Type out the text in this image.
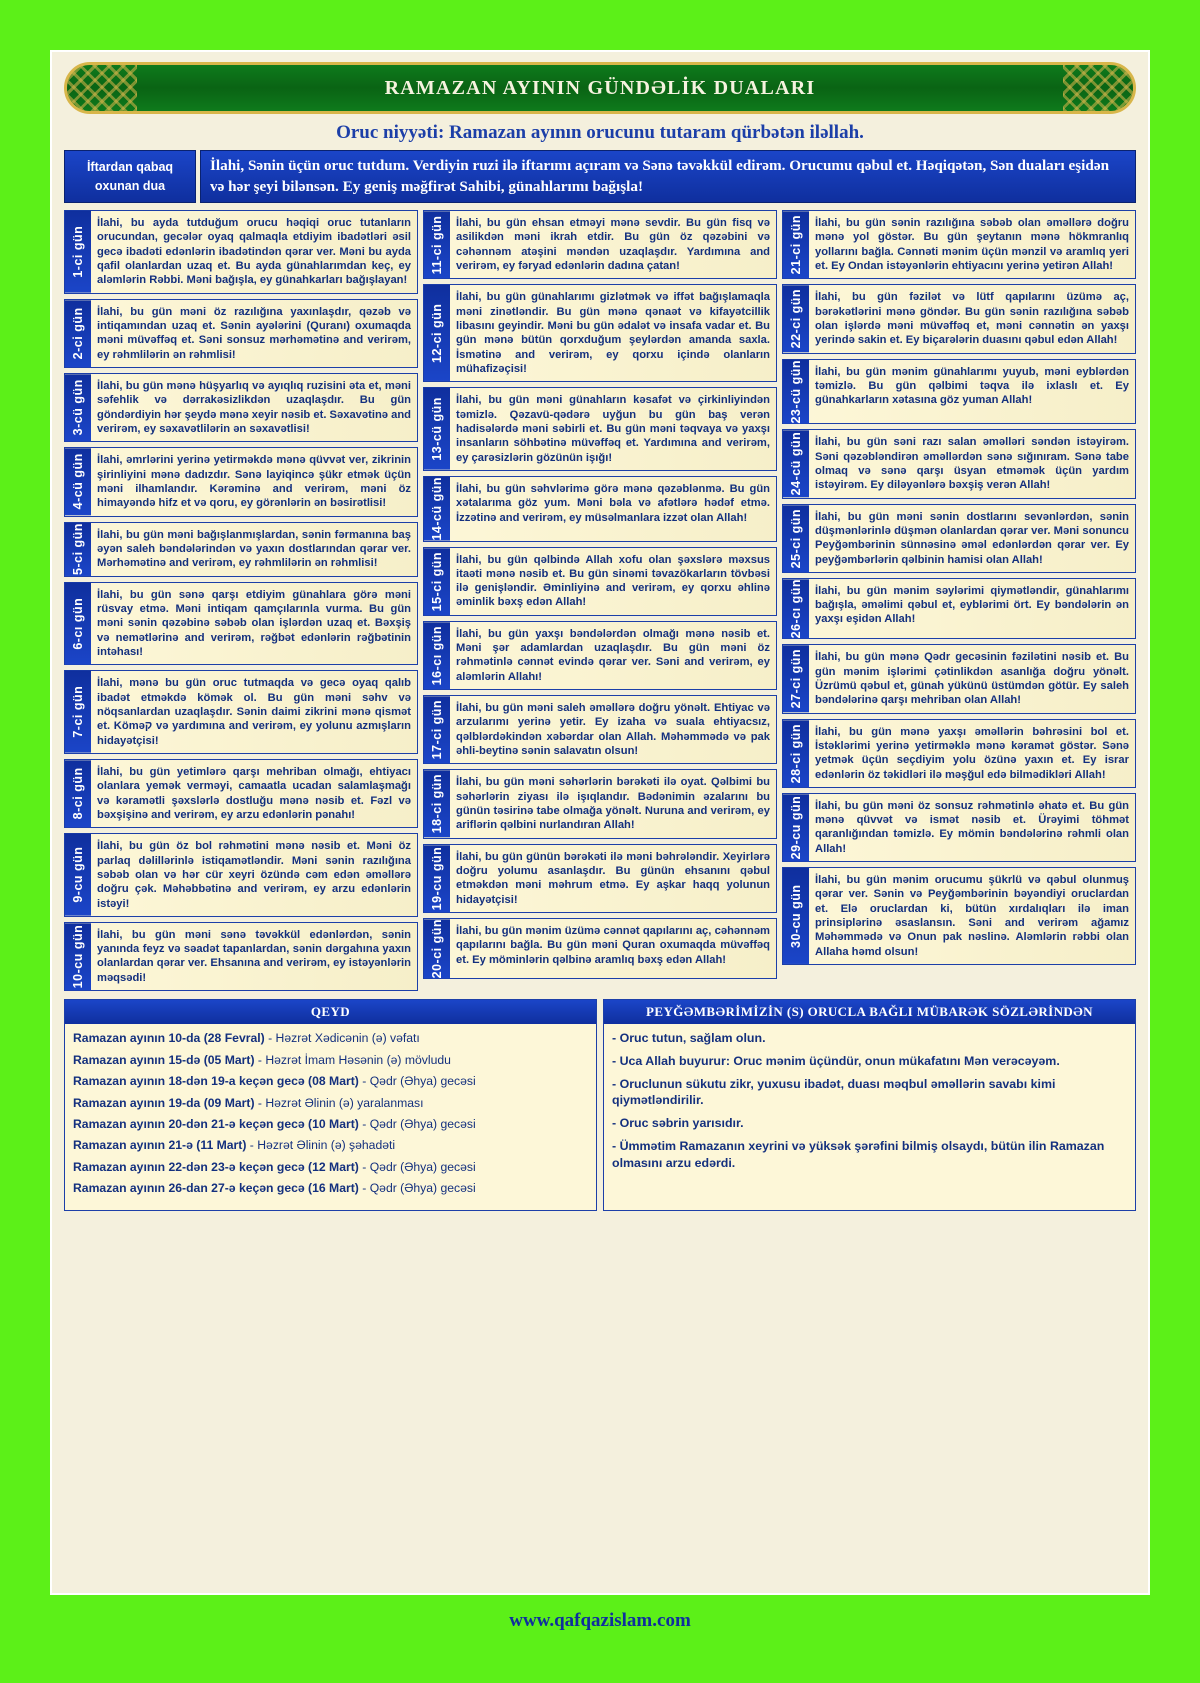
RAMAZAN AYININ GÜNDƏLİK DUALARI
Oruc niyyəti: Ramazan ayının orucunu tutaram qürbətən iləllah.
İftardan qabaq
oxunan dua
İlahi, Sənin üçün oruc tutdum. Verdiyin ruzi ilə iftarımı açıram və Sənə təvəkkül edirəm. Orucumu qəbul et. Həqiqətən, Sən duaları eşidən və hər şeyi bilənsən. Ey geniş məğfirət Sahibi, günahlarımı bağışla!
1-ci gün
İlahi, bu ayda tutduğum orucu həqiqi oruc tutanların orucundan, gecələr oyaq qalmaqla etdiyim ibadətləri əsil gecə ibadəti edənlərin ibadətindən qərar ver. Məni bu ayda qafil olanlardan uzaq et. Bu ayda günahlarımdan keç, ey aləmlərin Rəbbi. Məni bağışla, ey günahkarları bağışlayan!
2-ci gün	İlahi, bu gün məni öz razılığına yaxınlaşdır, qəzəb və intiqamından uzaq et. Sənin ayələrini (Quranı) oxumaqda məni müvəffəq et. Səni sonsuz mərhəmətinə and verirəm, ey rəhmlilərin ən rəhmlisi!
3-cü gün	İlahi, bu gün mənə hüşyarlıq və ayıqlıq ruzisini əta et, məni səfehlik və dərrakəsizlikdən uzaqlaşdır. Bu gün göndərdiyin hər şeydə mənə xeyir nəsib et. Səxavətinə and verirəm, ey səxavətlilərin ən səxavətlisi!
4-cü gün	İlahi, əmrlərini yerinə yetirməkdə mənə qüvvət ver, zikrinin şirinliyini mənə dadızdır. Sənə layiqincə şükr etmək üçün məni ilhamlandır. Kərəminə and verirəm, məni öz himayəndə hifz et və qoru, ey görənlərin ən bəsirətlisi!
5-ci gün	İlahi, bu gün məni bağışlanmışlardan, sənin fərmanına baş əyən saleh bəndələrindən və yaxın dostlarından qərar ver. Mərhəmətinə and verirəm, ey rəhmlilərin ən rəhmlisi!
6-cı gün
İlahi, bu gün sənə qarşı etdiyim günahlara görə məni rüsvay etmə. Məni intiqam qamçılarınla vurma. Bu gün məni sənin qəzəbinə səbəb olan işlərdən uzaq et. Bəxşiş və nemətlərinə and verirəm, rəğbət edənlərin rəğbətinin intəhası!
7-ci gün
İlahi, mənə bu gün oruc tutmaqda və gecə oyaq qalıb ibadət etməkdə kömək ol. Bu gün məni səhv və nöqsanlardan uzaqlaşdır. Sənin daimi zikrini mənə qismət et. Köməק və yardımına and verirəm, ey yolunu azmışların hidayətçisi!
8-ci gün	İlahi, bu gün yetimlərə qarşı mehriban olmağı, ehtiyacı olanlara yemək verməyi, camaatla ucadan salamlaşmağı və kəramətli şəxslərlə dostluğu mənə nəsib et. Fəzl və bəxşişinə and verirəm, ey arzu edənlərin pənahı!
9-cu gün
İlahi, bu gün öz bol rəhmətini mənə nəsib et. Məni öz parlaq dəlillərinlə istiqamətləndir. Məni sənin razılığına səbəb olan və hər cür xeyri özündə cəm edən əməllərə doğru çək. Məhəbbətinə and verirəm, ey arzu edənlərin istəyi!
10-cu gün	İlahi, bu gün məni sənə təvəkkül edənlərdən, sənin yanında feyz və səadət tapanlardan, sənin dərgahına yaxın olanlardan qərar ver. Ehsanına and verirəm, ey istəyənlərin məqsədi!
11-ci gün	İlahi, bu gün ehsan etməyi mənə sevdir. Bu gün fisq və asilikdən məni ikrah etdir. Bu gün öz qəzəbini və cəhənnəm atəşini məndən uzaqlaşdır. Yardımına and verirəm, ey fəryad edənlərin dadına çatan!
12-ci gün
İlahi, bu gün günahlarımı gizlətmək və iffət bağışlamaqla məni zinətləndir. Bu gün mənə qənaət və kifayətcillik libasını geyindir. Məni bu gün ədalət və insafa vadar et. Bu gün mənə bütün qorxduğum şeylərdən amanda saxla. İsmətinə and verirəm, ey qorxu içində olanların mühafizəçisi!
13-cü gün	İlahi, bu gün məni günahların kəsafət və çirkinliyindən təmizlə. Qəzavü-qədərə uyğun bu gün baş verən hadisələrdə məni səbirli et. Bu gün məni təqvaya və yaxşı insanların söhbətinə müvəffəq et. Yardımına and verirəm, ey çarəsizlərin gözünün işığı!
14-cü gün	İlahi, bu gün səhvlərimə görə mənə qəzəblənmə. Bu gün xətalarıma göz yum. Məni bəla və afətlərə hədəf etmə. İzzətinə and verirəm, ey müsəlmanlara izzət olan Allah!
15-ci gün	İlahi, bu gün qəlbində Allah xofu olan şəxslərə məxsus itaəti mənə nəsib et. Bu gün sinəmi təvazökarların tövbəsi ilə genişləndir. Əminliyinə and verirəm, ey qorxu əhlinə əminlik bəxş edən Allah!
16-cı gün	İlahi, bu gün yaxşı bəndələrdən olmağı mənə nəsib et. Məni şər adamlardan uzaqlaşdır. Bu gün məni öz rəhmətinlə cənnət evində qərar ver. Səni and verirəm, ey aləmlərin Allahı!
17-ci gün	İlahi, bu gün məni saleh əməllərə doğru yönəlt. Ehtiyac və arzularımı yerinə yetir. Ey izaha və suala ehtiyacsız, qəlblərdəkindən xəbərdar olan Allah. Məhəmmədə və pak əhli-beytinə sənin salavatın olsun!
18-ci gün	İlahi, bu gün məni səhərlərin bərəkəti ilə oyat. Qəlbimi bu səhərlərin ziyası ilə işıqlandır. Bədənimin əzalarını bu günün təsirinə tabe olmağa yönəlt. Nuruna and verirəm, ey ariflərin qəlbini nurlandıran Allah!
19-cu gün	İlahi, bu gün günün bərəkəti ilə məni bəhrələndir. Xeyirlərə doğru yolumu asanlaşdır. Bu günün ehsanını qəbul etməkdən məni məhrum etmə. Ey aşkar haqq yolunun hidayətçisi!
20-ci gün	İlahi, bu gün mənim üzümə cənnət qapılarını aç, cəhənnəm qapılarını bağla. Bu gün məni Quran oxumaqda müvəffəq et. Ey möminlərin qəlbinə aramlıq bəxş edən Allah!
21-ci gün	İlahi, bu gün sənin razılığına səbəb olan əməllərə doğru mənə yol göstər. Bu gün şeytanın mənə hökmranlıq yollarını bağla. Cənnəti mənim üçün mənzil və aramlıq yeri et. Ey Ondan istəyənlərin ehtiyacını yerinə yetirən Allah!
22-ci gün	İlahi, bu gün fəzilət və lütf qapılarını üzümə aç, bərəkətlərini mənə göndər. Bu gün sənin razılığına səbəb olan işlərdə məni müvəffəq et, məni cənnətin ən yaxşı yerində sakin et. Ey biçarələrin duasını qəbul edən Allah!
23-cü gün	İlahi, bu gün mənim günahlarımı yuyub, məni eyblərdən təmizlə. Bu gün qəlbimi təqva ilə ixlaslı et. Ey günahkarların xətasına göz yuman Allah!
24-cü gün	İlahi, bu gün səni razı salan əməlləri səndən istəyirəm. Səni qəzəbləndirən əməllərdən sənə sığınıram. Sənə tabe olmaq və sənə qarşı üsyan etməmək üçün yardım istəyirəm. Ey diləyənlərə bəxşiş verən Allah!
25-ci gün	İlahi, bu gün məni sənin dostlarını sevənlərdən, sənin düşmənlərinlə düşmən olanlardan qərar ver. Məni sonuncu Peyğəmbərinin sünnəsinə əməl edənlərdən qərar ver. Ey peyğəmbərlərin qəlbinin hamisi olan Allah!
26-cı gün	İlahi, bu gün mənim səylərimi qiymətləndir, günahlarımı bağışla, əməlimi qəbul et, eyblərimi ört. Ey bəndələrin ən yaxşı eşidən Allah!
27-ci gün	İlahi, bu gün mənə Qədr gecəsinin fəzilətini nəsib et. Bu gün mənim işlərimi çətinlikdən asanlığa doğru yönəlt. Üzrümü qəbul et, günah yükünü üstümdən götür. Ey saleh bəndələrinə qarşı mehriban olan Allah!
28-ci gün	İlahi, bu gün mənə yaxşı əməllərin bəhrəsini bol et. İstəklərimi yerinə yetirməklə mənə kəramət göstər. Sənə yetmək üçün seçdiyim yolu özünə yaxın et. Ey israr edənlərin öz təkidləri ilə məşğul edə bilmədikləri Allah!
29-cu gün	İlahi, bu gün məni öz sonsuz rəhmətinlə əhatə et. Bu gün mənə qüvvət və ismət nəsib et. Ürəyimi töhmət qaranlığından təmizlə. Ey mömin bəndələrinə rəhmli olan Allah!
30-cu gün
İlahi, bu gün mənim orucumu şükrlü və qəbul olunmuş qərar ver. Sənin və Peyğəmbərinin bəyəndiyi oruclardan et. Elə oruclardan ki, bütün xırdalıqları ilə iman prinsiplərinə əsaslansın. Səni and verirəm ağamız Məhəmmədə və Onun pak nəslinə. Aləmlərin rəbbi olan Allaha həmd olsun!
QEYD
Ramazan ayının 10-da (28 Fevral) - Həzrət Xədicənin (ə) vəfatı
Ramazan ayının 15-də (05 Mart) - Həzrət İmam Həsənin (ə) mövludu
Ramazan ayının 18-dən 19-a keçən gecə (08 Mart) - Qədr (Əhya) gecəsi
Ramazan ayının 19-da (09 Mart) - Həzrət Əlinin (ə) yaralanması
Ramazan ayının 20-dən 21-ə keçən gecə (10 Mart) - Qədr (Əhya) gecəsi
Ramazan ayının 21-ə (11 Mart) - Həzrət Əlinin (ə) şəhadəti
Ramazan ayının 22-dən 23-ə keçən gecə (12 Mart) - Qədr (Əhya) gecəsi
Ramazan ayının 26-dan 27-ə keçən gecə (16 Mart) - Qədr (Əhya) gecəsi
PEYĞƏMBƏRİMİZİN (S) ORUCLA BAĞLI MÜBARƏK SÖZLƏRİNDƏN
- Oruc tutun, sağlam olun.
- Uca Allah buyurur: Oruc mənim üçündür, onun mükafatını Mən verəcəyəm.
- Oruclunun sükutu zikr, yuxusu ibadət, duası məqbul əməllərin savabı kimi qiymətləndirilir.
- Oruc səbrin yarısıdır.
- Ümmətim Ramazanın xeyrini və yüksək şərəfini bilmiş olsaydı, bütün ilin Ramazan olmasını arzu edərdi.
www.qafqazislam.com
